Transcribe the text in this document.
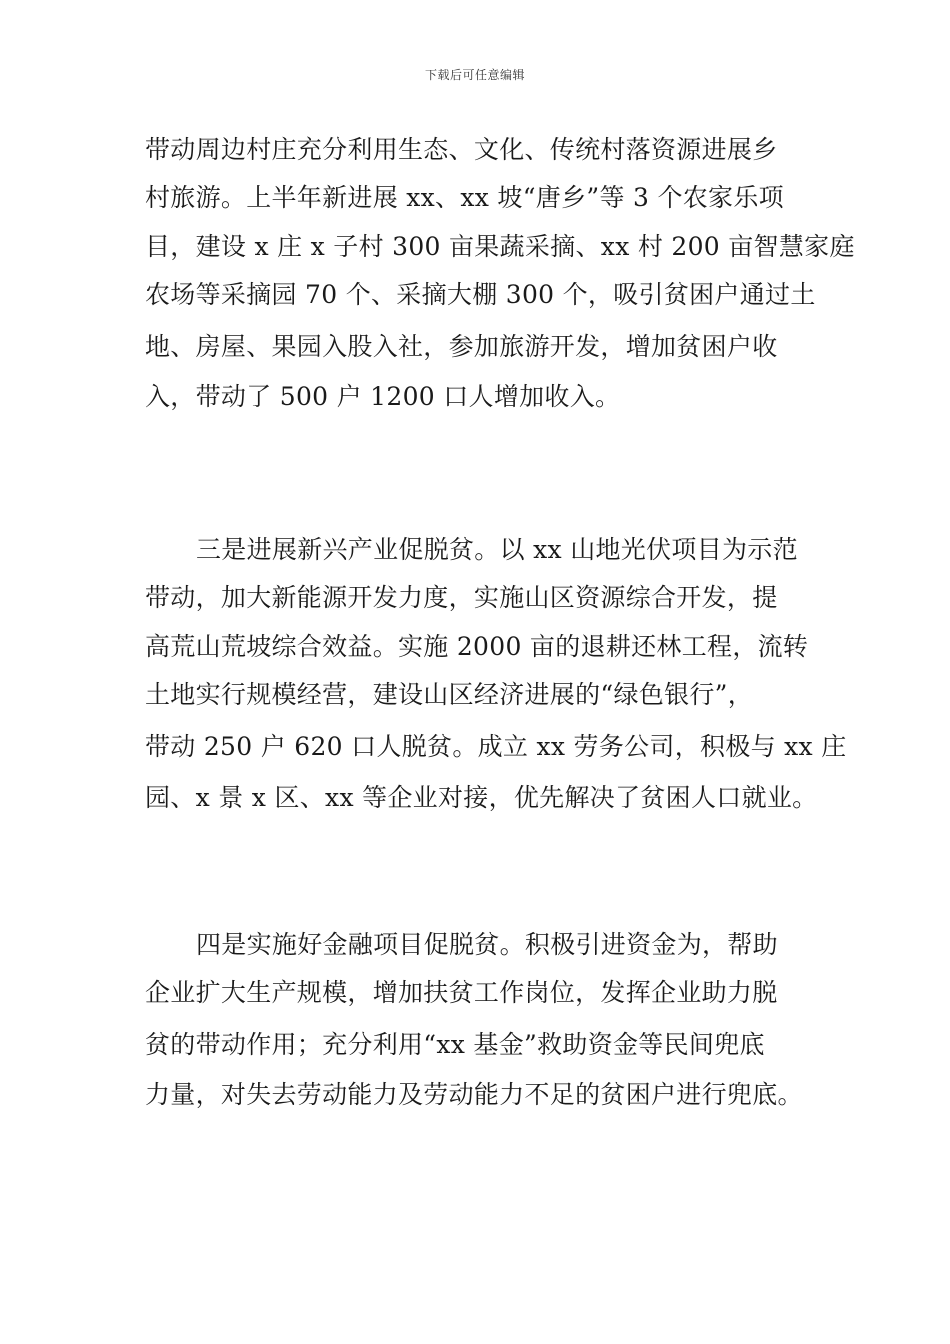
下载后可任意编辑

带动周边村庄充分利用生态、文化、传统村落资源进展乡

村旅游。上半年新进展 xx、xx 坡“唐乡”等 3 个农家乐项

目，建设 x 庄 x 子村 300 亩果蔬采摘、xx 村 200 亩智慧家庭

农场等采摘园 70 个、采摘大棚 300 个，吸引贫困户通过土

地、房屋、果园入股入社，参加旅游开发，增加贫困户收

入，带动了 500 户 1200 口人增加收入。

三是进展新兴产业促脱贫。以 xx 山地光伏项目为示范

带动，加大新能源开发力度，实施山区资源综合开发，提

高荒山荒坡综合效益。实施 2000 亩的退耕还林工程，流转

土地实行规模经营，建设山区经济进展的“绿色银行”，

带动 250 户 620 口人脱贫。成立 xx 劳务公司，积极与 xx 庄

园、x 景 x 区、xx 等企业对接，优先解决了贫困人口就业。

四是实施好金融项目促脱贫。积极引进资金为，帮助

企业扩大生产规模，增加扶贫工作岗位，发挥企业助力脱

贫的带动作用；充分利用“xx 基金”救助资金等民间兜底

力量，对失去劳动能力及劳动能力不足的贫困户进行兜底。
